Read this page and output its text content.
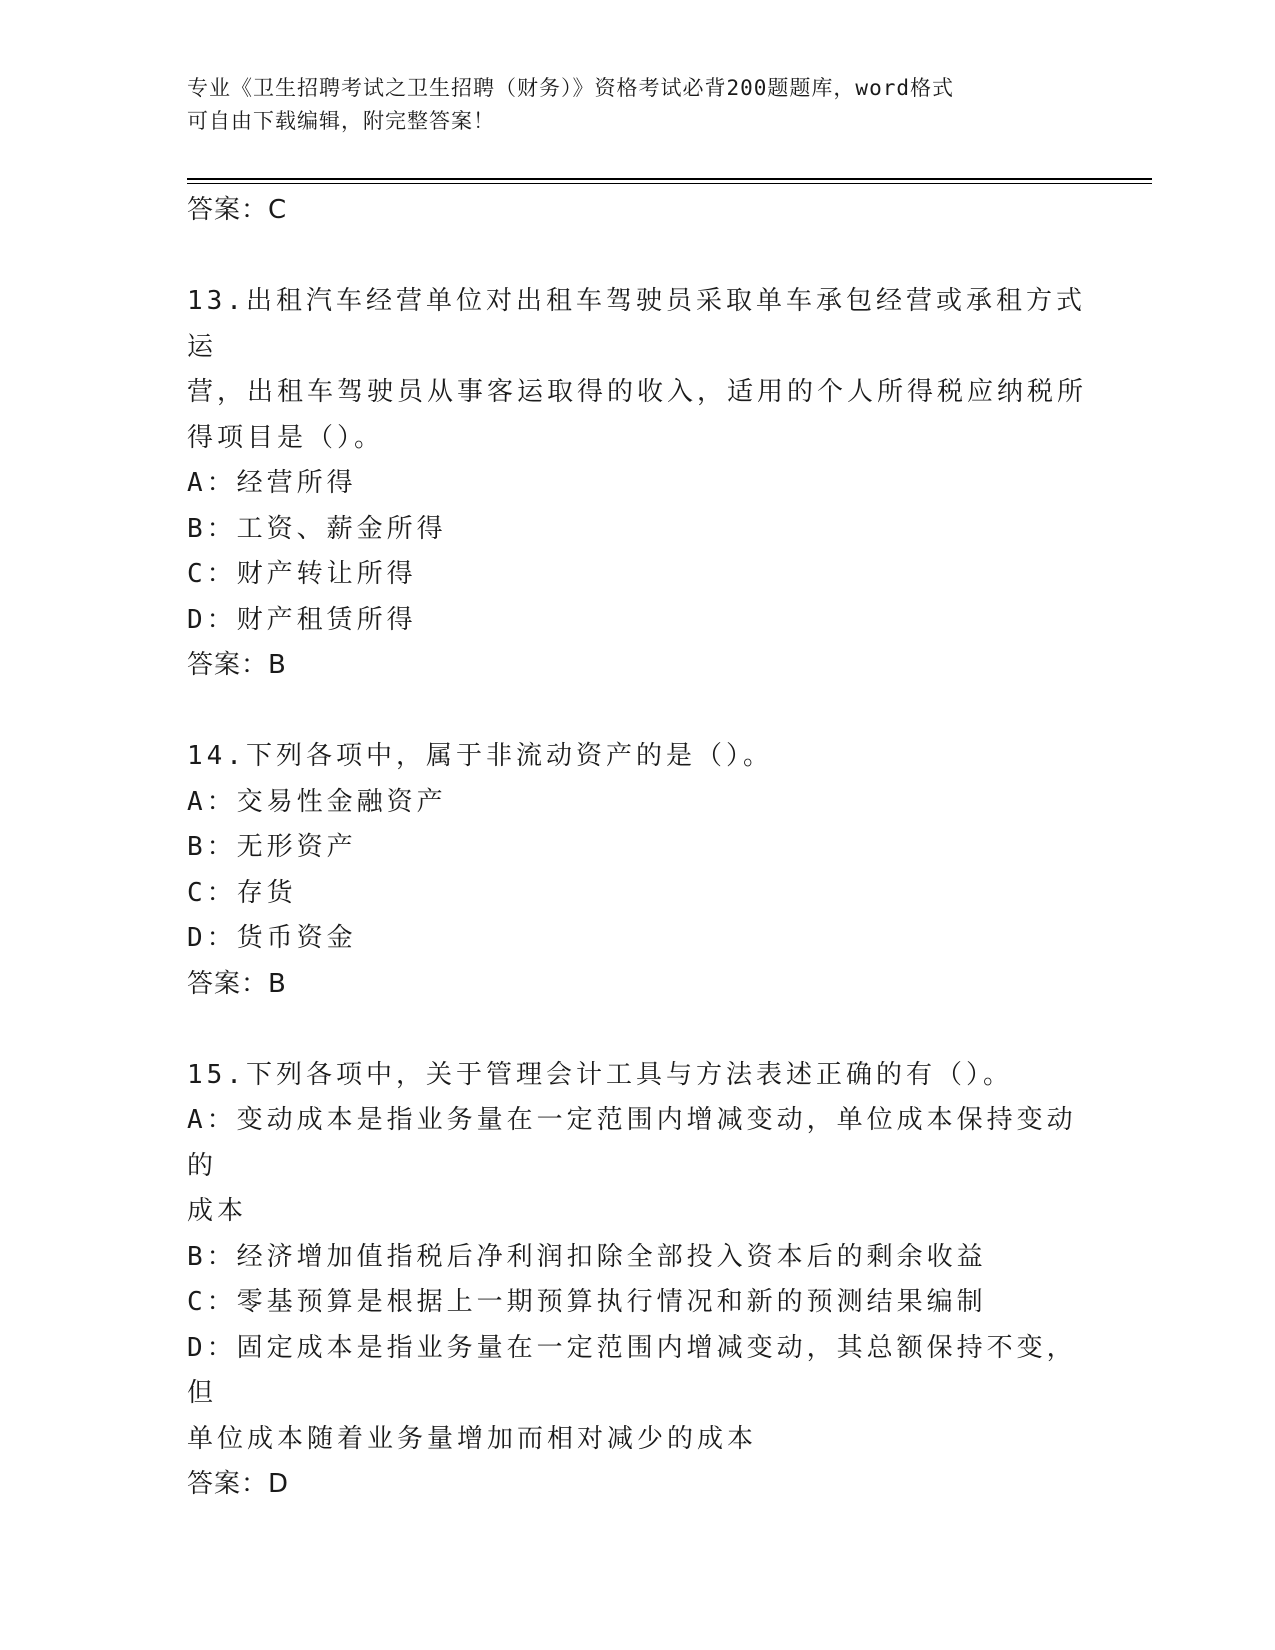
专业《卫生招聘考试之卫生招聘（财务）》资格考试必背200题题库，word格式
可自由下载编辑，附完整答案！
答案：C
13.出租汽车经营单位对出租车驾驶员采取单车承包经营或承租方式运
营，出租车驾驶员从事客运取得的收入，适用的个人所得税应纳税所
得项目是（）。
A：经营所得
B：工资、薪金所得
C：财产转让所得
D：财产租赁所得
答案：B
14.下列各项中，属于非流动资产的是（）。
A：交易性金融资产
B：无形资产
C：存货
D：货币资金
答案：B
15.下列各项中，关于管理会计工具与方法表述正确的有（）。
A：变动成本是指业务量在一定范围内增减变动，单位成本保持变动的
成本
B：经济增加值指税后净利润扣除全部投入资本后的剩余收益
C：零基预算是根据上一期预算执行情况和新的预测结果编制
D：固定成本是指业务量在一定范围内增减变动，其总额保持不变，但
单位成本随着业务量增加而相对减少的成本
答案：D
